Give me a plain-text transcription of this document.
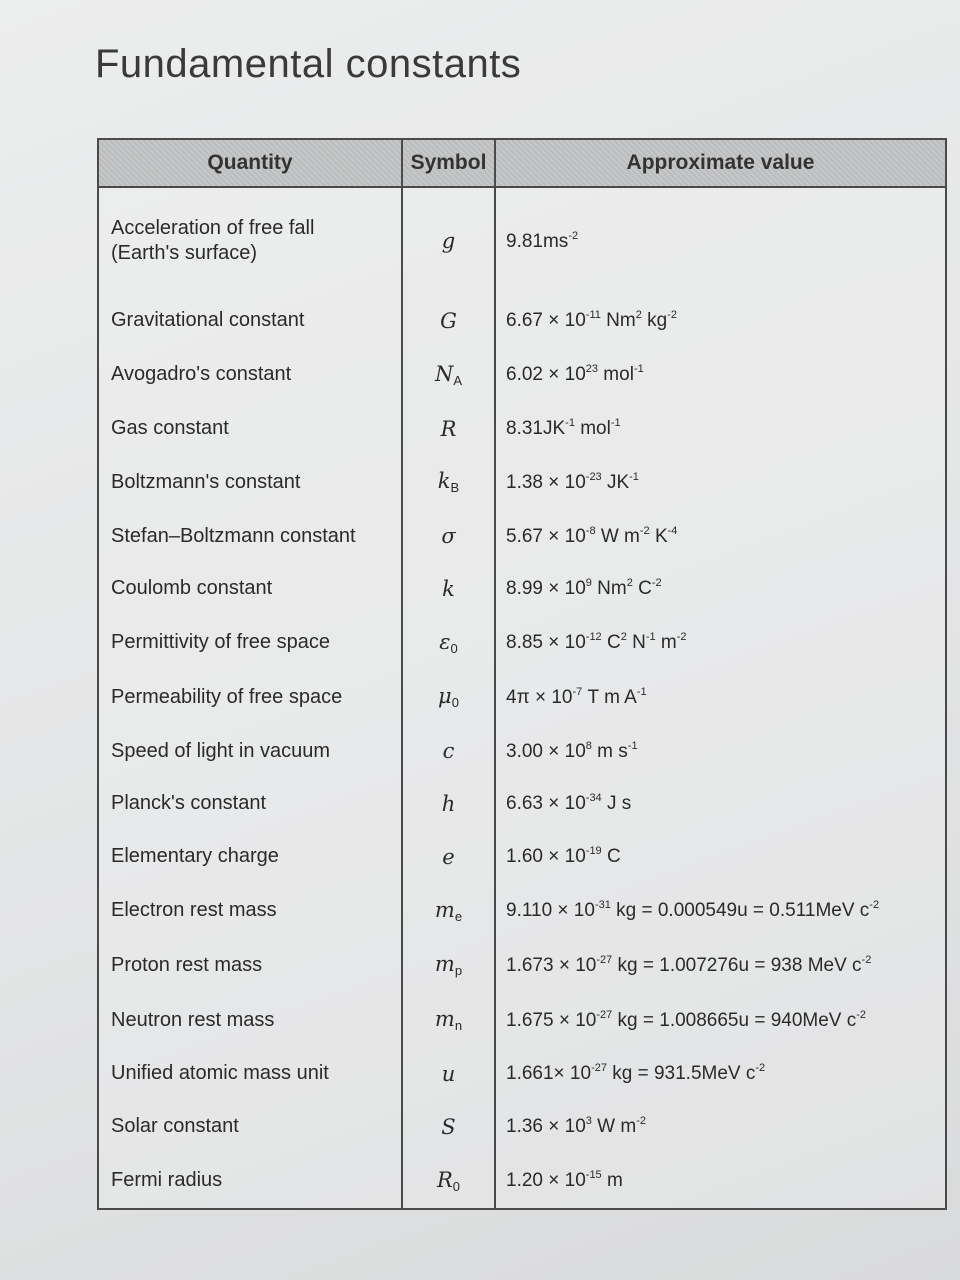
Fundamental constants
Quantity	Symbol	Approximate value
Acceleration of free fall (Earth's surface)	g	$9.81ms^{-2}$
Gravitational constant	G	$6.67 \times 10^{-11}$ Nm$^2$ $kg^{-2}$
Avogadro's constant	$N_A$	$6.02 \times 10^{23}$ mol$^{-1}$
Gas constant	R	$8.31JK^{-1}$ mol$^{-1}$
Boltzmann's constant	$k_B$	$1.38 \times 10^{-23}$ $JK^{-1}$
Stefan–Boltzmann constant	σ	$5.67 \times 10^{-8}$ W $m^{-2}$ $K^{-4}$
Coulomb constant	k	$8.99 \times 10^9$ Nm$^2$ $C^{-2}$
Permittivity of free space	$\varepsilon_0$	$8.85 \times 10^{-12}$ $C^2$ $N^{-1}$ $m^{-2}$
Permeability of free space	$\mu_0$	$4\pi \times 10^{-7}$ T m $A^{-1}$
Speed of light in vacuum	c	$3.00 \times 10^8$ m $s^{-1}$
Planck's constant	h	$6.63 \times 10^{-34}$ J s
Elementary charge	e	$1.60 \times 10^{-19}$ C
Electron rest mass	$m_e$	$9.110 \times 10^{-31}$ kg = 0.000549u = 0.511MeV $c^{-2}$
Proton rest mass	$m_p$	$1.673 \times 10^{-27}$ kg = 1.007276u = 938 MeV $c^{-2}$
Neutron rest mass	$m_n$	$1.675 \times 10^{-27}$ kg = 1.008665u = 940MeV $c^{-2}$
Unified atomic mass unit	u	$1.661\times 10^{-27}$ kg = 931.5MeV $c^{-2}$
Solar constant	S	$1.36 \times 10^3$ W $m^{-2}$
Fermi radius	$R_0$	$1.20 \times 10^{-15}$ m
